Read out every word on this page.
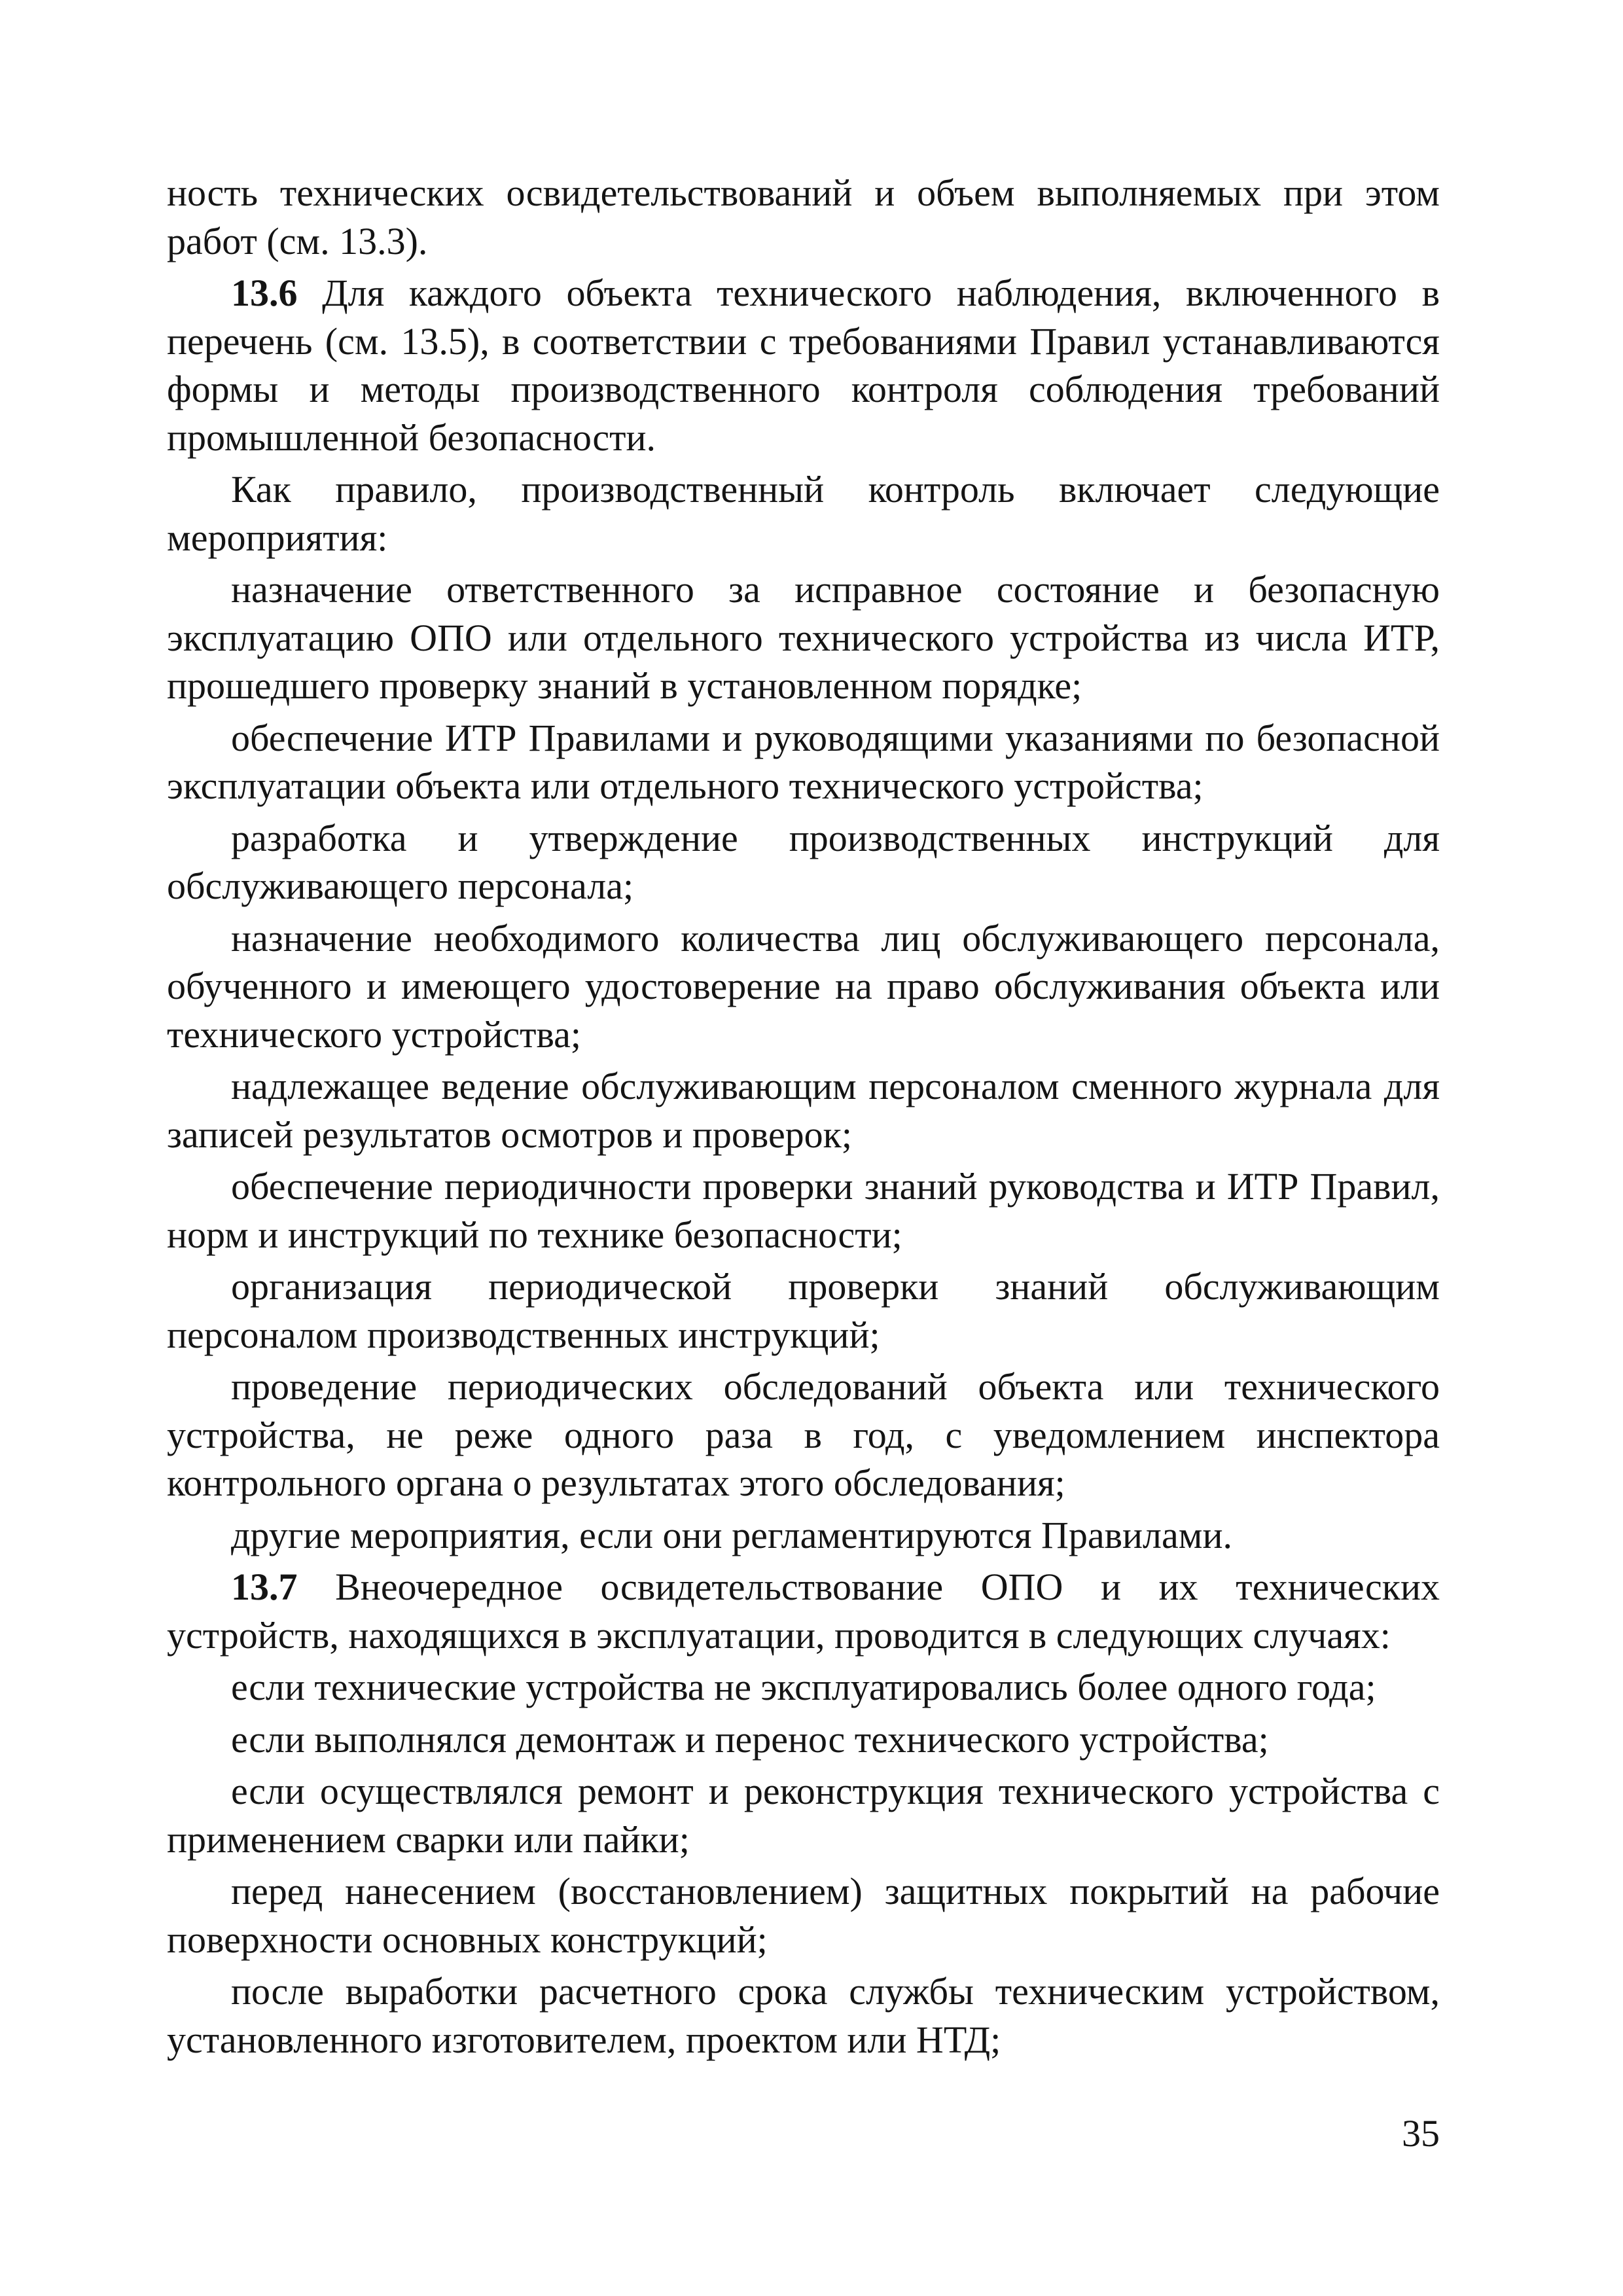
ность технических освидетельствований и объем выполняемых при этом работ (см. 13.3).

13.6 Для каждого объекта технического наблюдения, включенного в перечень (см. 13.5), в соответствии с требованиями Правил устанавливаются формы и методы производственного контроля соблюдения требований промышленной безопасности.

Как правило, производственный контроль включает следующие мероприятия:

назначение ответственного за исправное состояние и безопасную эксплуатацию ОПО или отдельного технического устройства из числа ИТР, прошедшего проверку знаний в установленном порядке;

обеспечение ИТР Правилами и руководящими указаниями по безопасной эксплуатации объекта или отдельного технического устройства;

разработка и утверждение производственных инструкций для обслуживающего персонала;

назначение необходимого количества лиц обслуживающего персонала, обученного и имеющего удостоверение на право обслуживания объекта или технического устройства;

надлежащее ведение обслуживающим персоналом сменного журнала для записей результатов осмотров и проверок;

обеспечение периодичности проверки знаний руководства и ИТР Правил, норм и инструкций по технике безопасности;

организация периодической проверки знаний обслуживающим персоналом производственных инструкций;

проведение периодических обследований объекта или технического устройства, не реже одного раза в год, с уведомлением инспектора контрольного органа о результатах этого обследования;

другие мероприятия, если они регламентируются Правилами.

13.7 Внеочередное освидетельствование ОПО и их технических устройств, находящихся в эксплуатации, проводится в следующих случаях:

если технические устройства не эксплуатировались более одного года;

если выполнялся демонтаж и перенос технического устройства;

если осуществлялся ремонт и реконструкция технического устройства с применением сварки или пайки;

перед нанесением (восстановлением) защитных покрытий на рабочие поверхности основных конструкций;

после выработки расчетного срока службы техническим устройством, установленного изготовителем, проектом или НТД;

35
